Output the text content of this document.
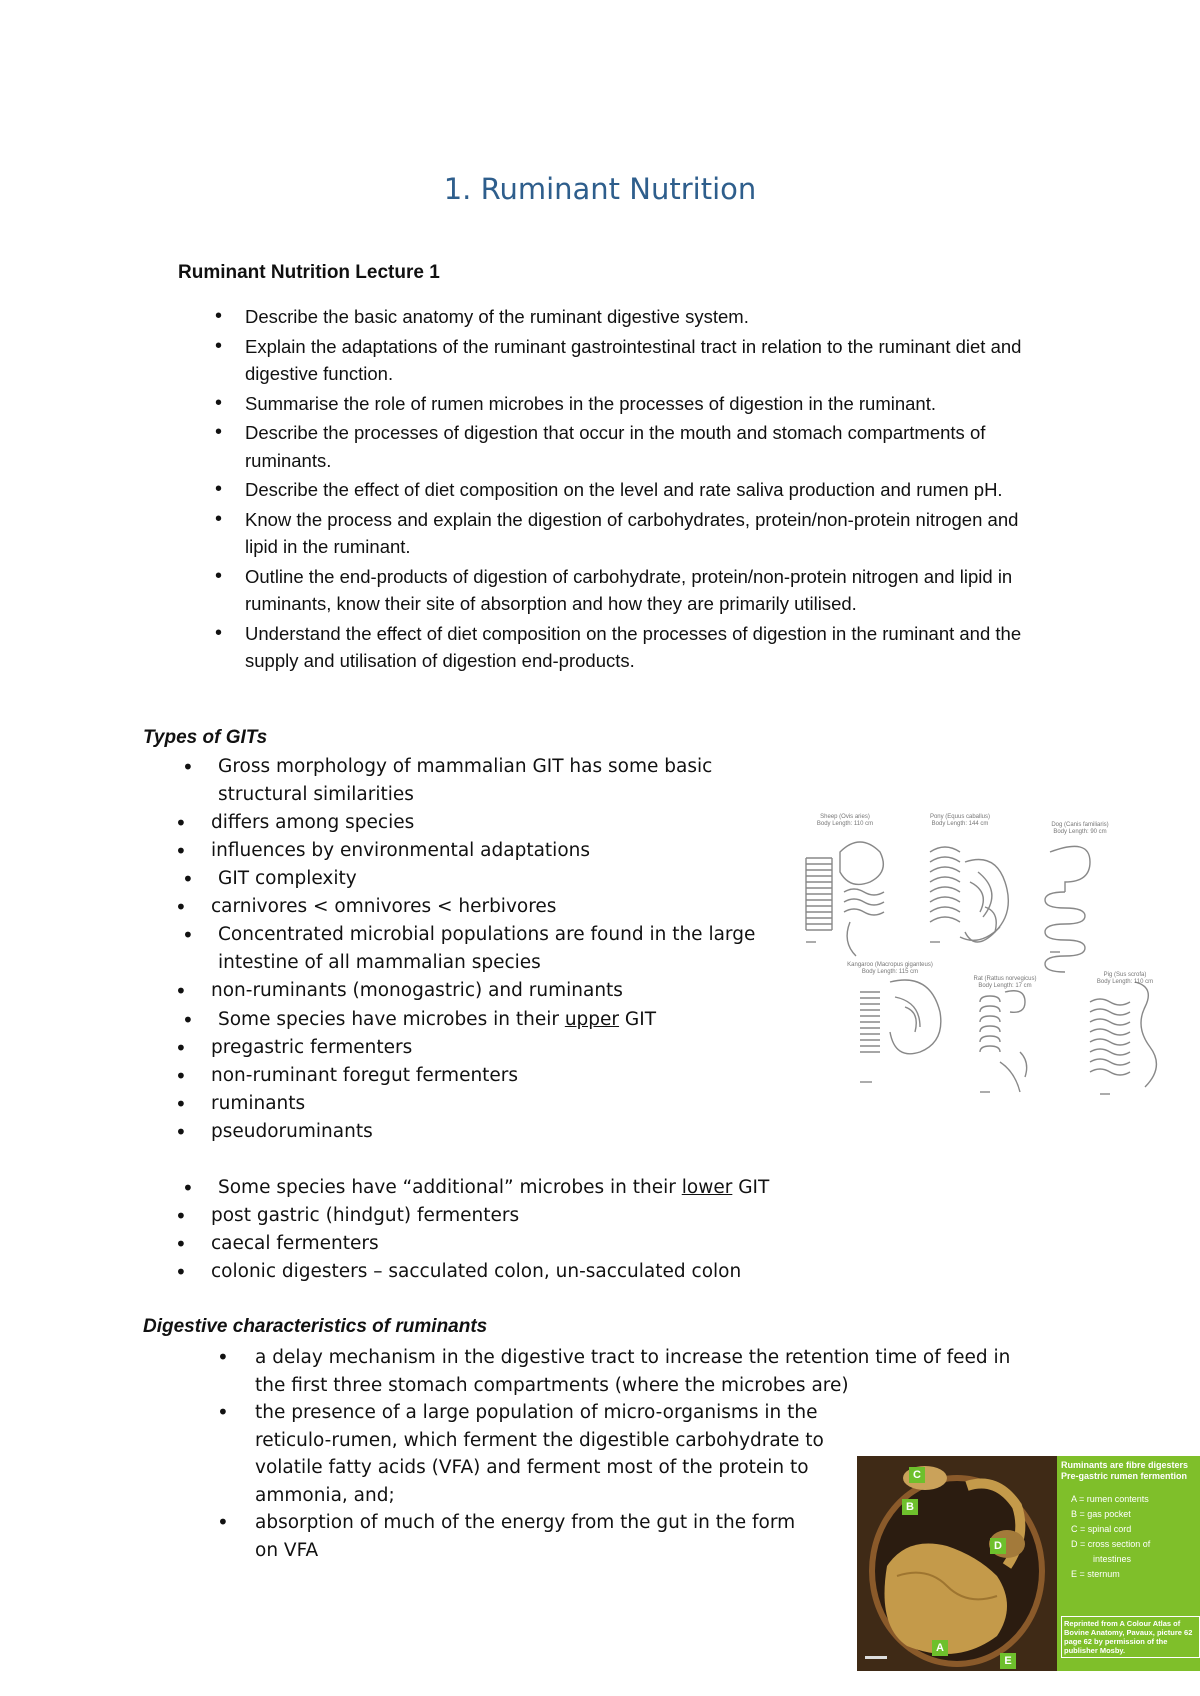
1. Ruminant Nutrition
Ruminant Nutrition Lecture 1
• Describe the basic anatomy of the ruminant digestive system.
• Explain the adaptations of the ruminant gastrointestinal tract in relation to the ruminant diet and digestive function.
• Summarise the role of rumen microbes in the processes of digestion in the ruminant.
• Describe the processes of digestion that occur in the mouth and stomach compartments of ruminants.
• Describe the effect of diet composition on the level and rate saliva production and rumen pH.
• Know the process and explain the digestion of carbohydrates, protein/non-protein nitrogen and lipid in the ruminant.
• Outline the end-products of digestion of carbohydrate, protein/non-protein nitrogen and lipid in ruminants, know their site of absorption and how they are primarily utilised.
• Understand the effect of diet composition on the processes of digestion in the ruminant and the supply and utilisation of digestion end-products.
Types of GITs
• Gross morphology of mammalian GIT has some basic structural similarities
• differs among species
• influences by environmental adaptations
• GIT complexity
• carnivores < omnivores < herbivores
• Concentrated microbial populations are found in the large
intestine of all mammalian species
• non-ruminants (monogastric) and ruminants
• Some species have microbes in their upper GIT
• pregastric fermenters
• non-ruminant foregut fermenters
• ruminants
• pseudoruminants
• Some species have “additional” microbes in their lower GIT
• post gastric (hindgut) fermenters
• caecal fermenters
• colonic digesters – sacculated colon, un-sacculated colon
Digestive characteristics of ruminants
• a delay mechanism in the digestive tract to increase the retention time of feed in the first three stomach compartments (where the microbes are)
• the presence of a large population of micro-organisms in the reticulo-rumen, which ferment the digestible carbohydrate to volatile fatty acids (VFA) and ferment most of the protein to ammonia, and;
• absorption of much of the energy from the gut in the form on VFA
Sheep (Ovis aries)
Body Length: 110 cm
Pony (Equus caballus)
Body Length: 144 cm	Dog (Canis familiaris)
Body Length: 90 cm
Kangaroo (Macropus giganteus)
Body Length: 115 cm
Rat (Rattus norvegicus)
Body Length: 17 cm
Pig (Sus scrofa)
Body Length: 110 cm
A
B
C
D
E
Ruminants are fibre digesters
Pre-gastric rumen fermention
A = rumen contents
B = gas pocket
C = spinal cord
D = cross section of
intestines
E = sternum
Reprinted from A Colour Atlas of Bovine Anatomy, Pavaux, picture 62 page 62 by permission of the publisher Mosby.
